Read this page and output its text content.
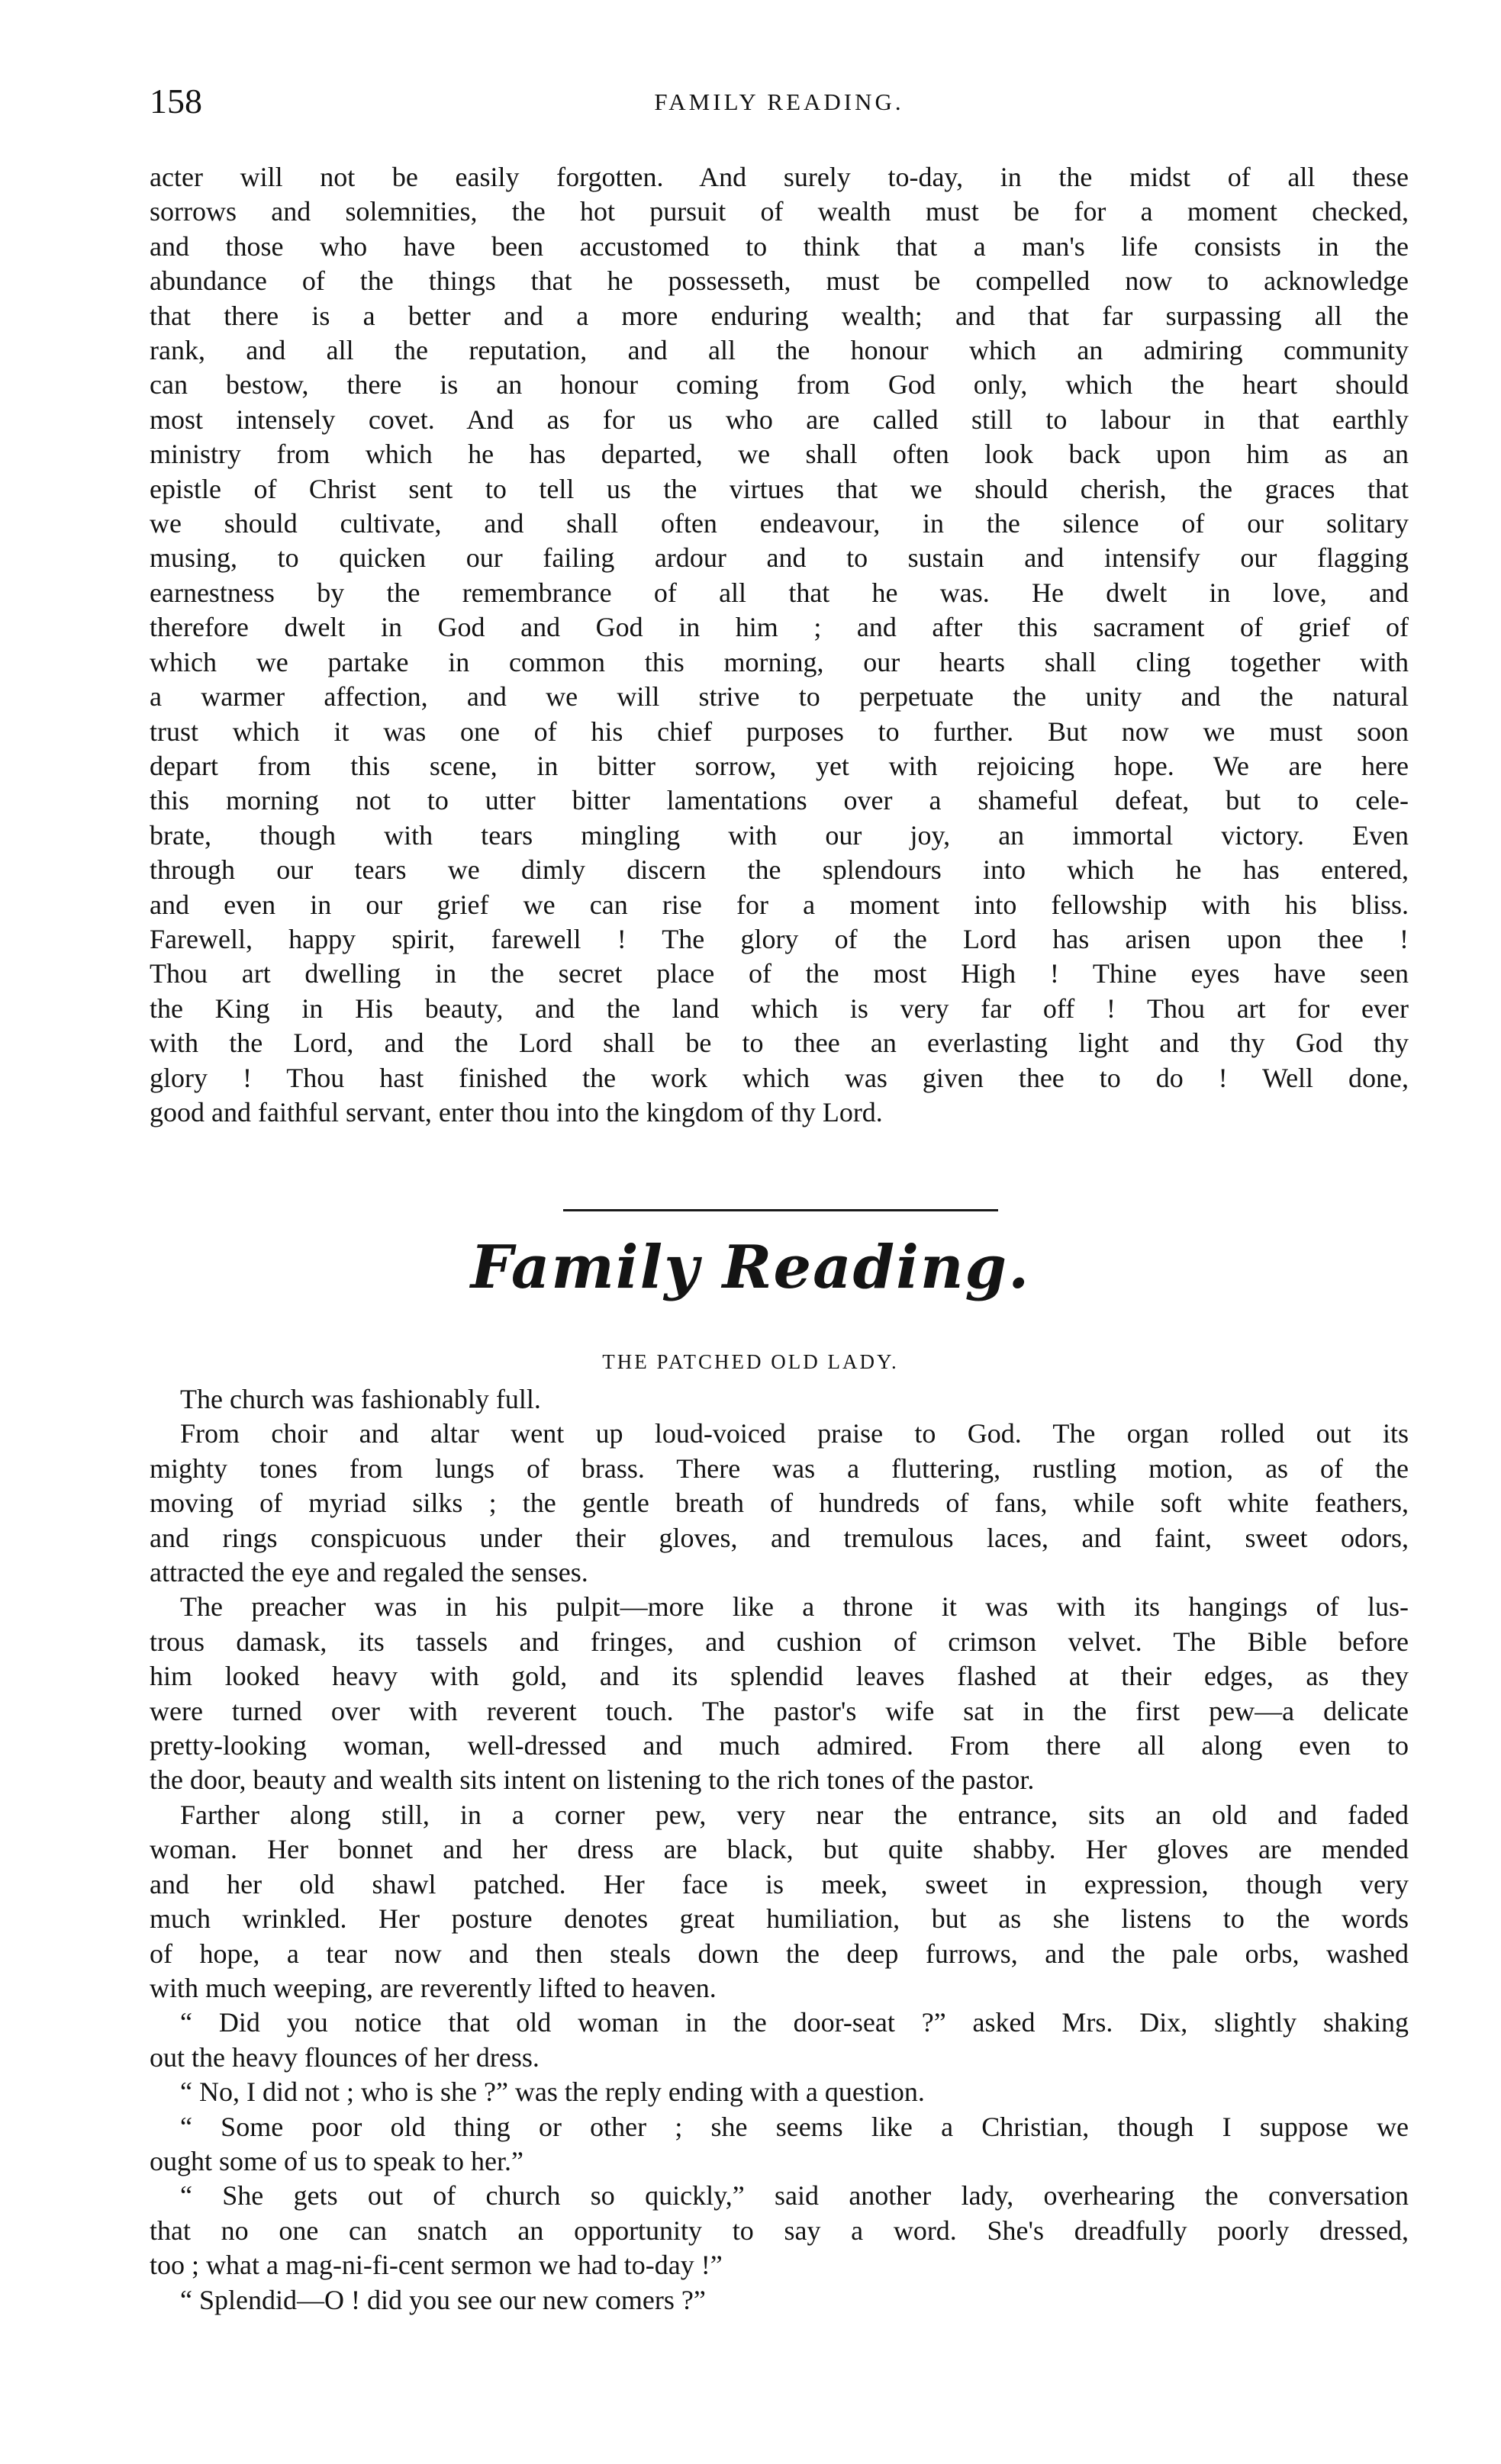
158	FAMILY READING.
acter will not be easily forgotten. And surely to-day, in the midst of all these
sorrows and solemnities, the hot pursuit of wealth must be for a moment checked,
and those who have been accustomed to think that a man's life consists in the
abundance of the things that he possesseth, must be compelled now to acknowledge
that there is a better and a more enduring wealth; and that far surpassing all the
rank, and all the reputation, and all the honour which an admiring community
can bestow, there is an honour coming from God only, which the heart should
most intensely covet. And as for us who are called still to labour in that earthly
ministry from which he has departed, we shall often look back upon him as an
epistle of Christ sent to tell us the virtues that we should cherish, the graces that
we should cultivate, and shall often endeavour, in the silence of our solitary
musing, to quicken our failing ardour and to sustain and intensify our flagging
earnestness by the remembrance of all that he was. He dwelt in love, and
therefore dwelt in God and God in him ; and after this sacrament of grief of
which we partake in common this morning, our hearts shall cling together with
a warmer affection, and we will strive to perpetuate the unity and the natural
trust which it was one of his chief purposes to further. But now we must soon
depart from this scene, in bitter sorrow, yet with rejoicing hope. We are here
this morning not to utter bitter lamentations over a shameful defeat, but to cele-
brate, though with tears mingling with our joy, an immortal victory. Even
through our tears we dimly discern the splendours into which he has entered,
and even in our grief we can rise for a moment into fellowship with his bliss.
Farewell, happy spirit, farewell ! The glory of the Lord has arisen upon thee !
Thou art dwelling in the secret place of the most High ! Thine eyes have seen
the King in His beauty, and the land which is very far off ! Thou art for ever
with the Lord, and the Lord shall be to thee an everlasting light and thy God thy
glory ! Thou hast finished the work which was given thee to do ! Well done,
good and faithful servant, enter thou into the kingdom of thy Lord.
Family Reading.
THE PATCHED OLD LADY.
The church was fashionably full.
From choir and altar went up loud-voiced praise to God. The organ rolled out its
mighty tones from lungs of brass. There was a fluttering, rustling motion, as of the
moving of myriad silks ; the gentle breath of hundreds of fans, while soft white feathers,
and rings conspicuous under their gloves, and tremulous laces, and faint, sweet odors,
attracted the eye and regaled the senses.
The preacher was in his pulpit—more like a throne it was with its hangings of lus-
trous damask, its tassels and fringes, and cushion of crimson velvet. The Bible before
him looked heavy with gold, and its splendid leaves flashed at their edges, as they
were turned over with reverent touch. The pastor's wife sat in the first pew—a delicate
pretty-looking woman, well-dressed and much admired. From there all along even to
the door, beauty and wealth sits intent on listening to the rich tones of the pastor.
Farther along still, in a corner pew, very near the entrance, sits an old and faded
woman. Her bonnet and her dress are black, but quite shabby. Her gloves are mended
and her old shawl patched. Her face is meek, sweet in expression, though very
much wrinkled. Her posture denotes great humiliation, but as she listens to the words
of hope, a tear now and then steals down the deep furrows, and the pale orbs, washed
with much weeping, are reverently lifted to heaven.
“ Did you notice that old woman in the door-seat ?” asked Mrs. Dix, slightly shaking
out the heavy flounces of her dress.
“ No, I did not ; who is she ?” was the reply ending with a question.
“ Some poor old thing or other ; she seems like a Christian, though I suppose we
ought some of us to speak to her.”
“ She gets out of church so quickly,” said another lady, overhearing the conversation
that no one can snatch an opportunity to say a word. She's dreadfully poorly dressed,
too ; what a mag-ni-fi-cent sermon we had to-day !”
“ Splendid—O ! did you see our new comers ?”
